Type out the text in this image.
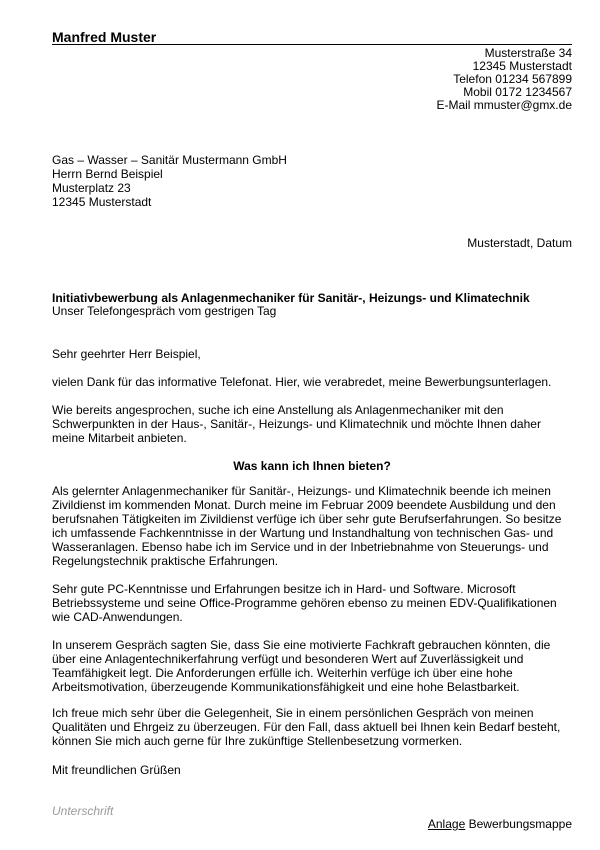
Manfred Muster
Musterstraße 34
12345 Musterstadt
Telefon 01234 567899
Mobil 0172 1234567
E-Mail mmuster@gmx.de
Gas – Wasser – Sanitär Mustermann GmbH
Herrn Bernd Beispiel
Musterplatz 23
12345 Musterstadt
Musterstadt, Datum
Initiativbewerbung als Anlagenmechaniker für Sanitär-, Heizungs- und Klimatechnik
Unser Telefongespräch vom gestrigen Tag
Sehr geehrter Herr Beispiel,
vielen Dank für das informative Telefonat. Hier, wie verabredet, meine Bewerbungsunterlagen.
Wie bereits angesprochen, suche ich eine Anstellung als Anlagenmechaniker mit den Schwerpunkten in der Haus-, Sanitär-, Heizungs- und Klimatechnik und möchte Ihnen daher meine Mitarbeit anbieten.
Was kann ich Ihnen bieten?
Als gelernter Anlagenmechaniker für Sanitär-, Heizungs- und Klimatechnik beende ich meinen Zivildienst im kommenden Monat. Durch meine im Februar 2009 beendete Ausbildung und den berufsnahen Tätigkeiten im Zivildienst verfüge ich über sehr gute Berufserfahrungen. So besitze ich umfassende Fachkenntnisse in der Wartung und Instandhaltung von technischen Gas- und Wasseranlagen. Ebenso habe ich im Service und in der Inbetriebnahme von Steuerungs- und Regelungstechnik praktische Erfahrungen.
Sehr gute PC-Kenntnisse und Erfahrungen besitze ich in Hard- und Software. Microsoft Betriebssysteme und seine Office-Programme gehören ebenso zu meinen EDV-Qualifikationen wie CAD-Anwendungen.
In unserem Gespräch sagten Sie, dass Sie eine motivierte Fachkraft gebrauchen könnten, die über eine Anlagentechnikerfahrung verfügt und besonderen Wert auf Zuverlässigkeit und Teamfähigkeit legt. Die Anforderungen erfülle ich. Weiterhin verfüge ich über eine hohe Arbeitsmotivation, überzeugende Kommunikationsfähigkeit und eine hohe Belastbarkeit.
Ich freue mich sehr über die Gelegenheit, Sie in einem persönlichen Gespräch von meinen Qualitäten und Ehrgeiz zu überzeugen. Für den Fall, dass aktuell bei Ihnen kein Bedarf besteht, können Sie mich auch gerne für Ihre zukünftige Stellenbesetzung vormerken.
Mit freundlichen Grüßen
Unterschrift
Anlage Bewerbungsmappe
